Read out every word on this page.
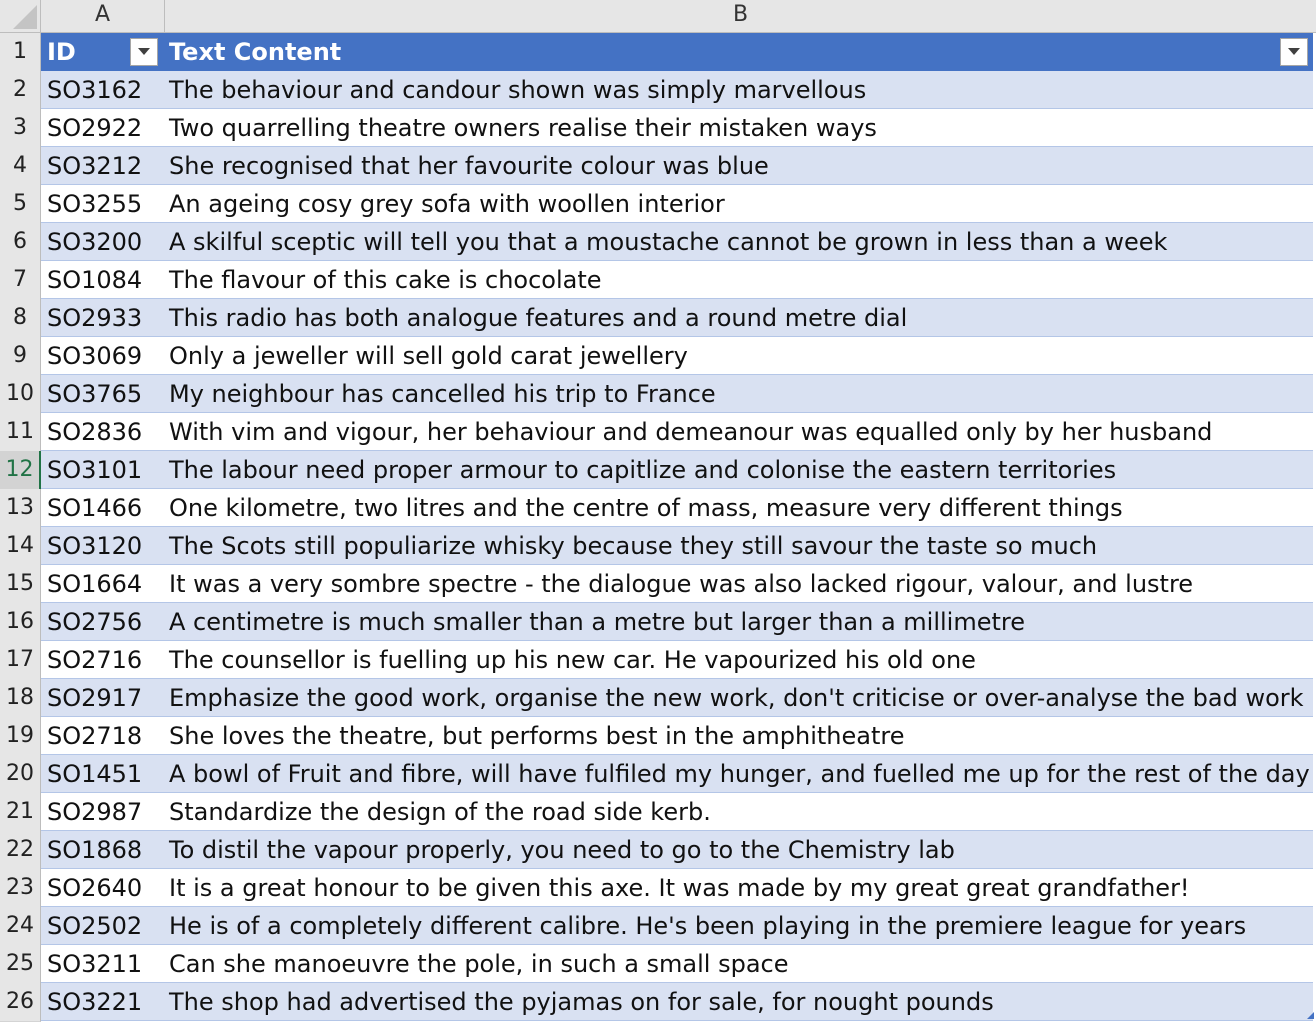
A	B
1 ID	Text Content
2 SO3162	The behaviour and candour shown was simply marvellous
3 SO2922	Two quarrelling theatre owners realise their mistaken ways
4 SO3212	She recognised that her favourite colour was blue
5 SO3255	An ageing cosy grey sofa with woollen interior
6 SO3200	A skilful sceptic will tell you that a moustache cannot be grown in less than a week
7 SO1084	The flavour of this cake is chocolate
8 SO2933	This radio has both analogue features and a round metre dial
9 SO3069	Only a jeweller will sell gold carat jewellery
10 SO3765	My neighbour has cancelled his trip to France
11 SO2836	With vim and vigour, her behaviour and demeanour was equalled only by her husband
12 SO3101	The labour need proper armour to capitlize and colonise the eastern territories
13 SO1466	One kilometre, two litres and the centre of mass, measure very different things
14 SO3120	The Scots still populiarize whisky because they still savour the taste so much
15 SO1664	It was a very sombre spectre - the dialogue was also lacked rigour, valour, and lustre
16 SO2756	A centimetre is much smaller than a metre but larger than a millimetre
17 SO2716	The counsellor is fuelling up his new car. He vapourized his old one
18 SO2917	Emphasize the good work, organise the new work, don't criticise or over-analyse the bad work
19 SO2718	She loves the theatre, but performs best in the amphitheatre
20 SO1451	A bowl of Fruit and fibre, will have fulfiled my hunger, and fuelled me up for the rest of the day
21 SO2987	Standardize the design of the road side kerb.
22 SO1868	To distil the vapour properly, you need to go to the Chemistry lab
23 SO2640	It is a great honour to be given this axe. It was made by my great great grandfather!
24 SO2502	He is of a completely different calibre. He's been playing in the premiere league for years
25 SO3211	Can she manoeuvre the pole, in such a small space
26 SO3221	The shop had advertised the pyjamas on for sale, for nought pounds
